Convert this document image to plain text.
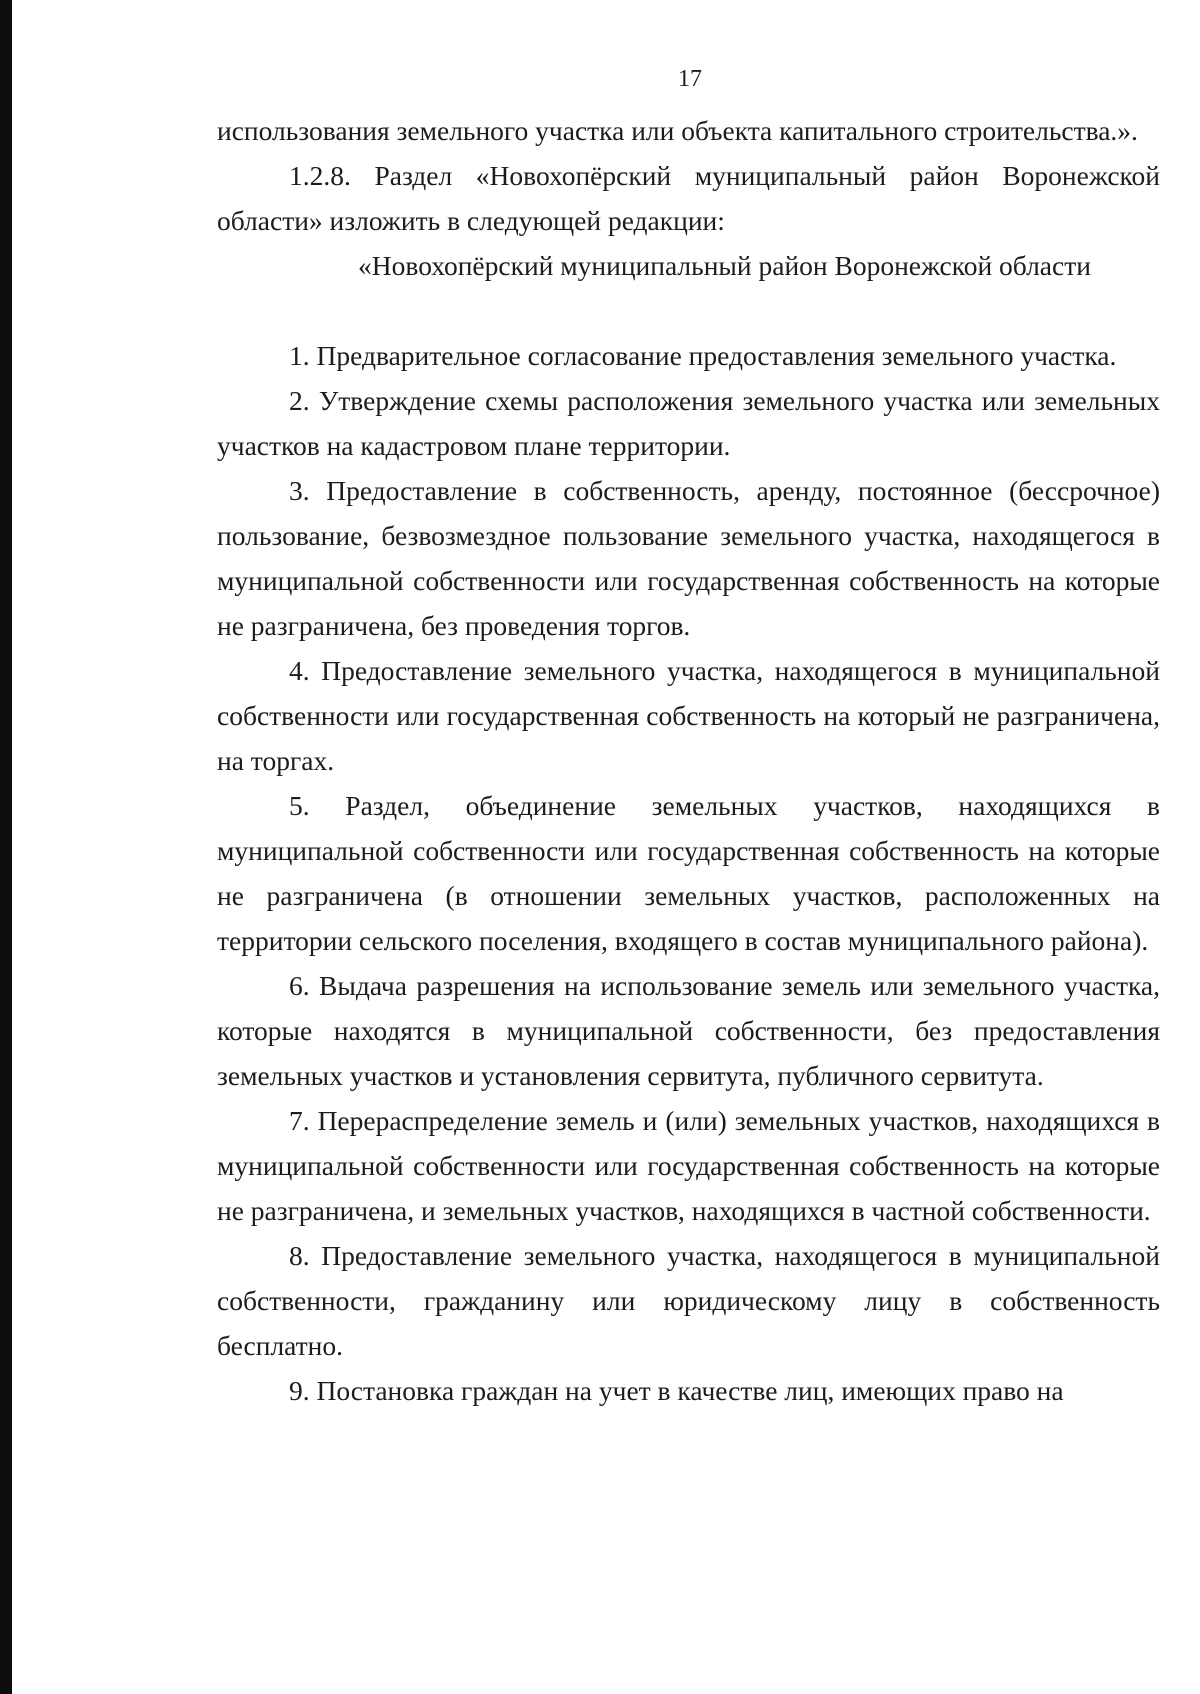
17

использования земельного участка или объекта капитального строительства.».

1.2.8. Раздел «Новохопёрский муниципальный район Воронежской области» изложить в следующей редакции:

«Новохопёрский муниципальный район Воронежской области

1. Предварительное согласование предоставления земельного участка.

2. Утверждение схемы расположения земельного участка или земельных участков на кадастровом плане территории.

3. Предоставление в собственность, аренду, постоянное (бессрочное) пользование, безвозмездное пользование земельного участка, находящегося в муниципальной собственности или государственная собственность на которые не разграничена, без проведения торгов.

4. Предоставление земельного участка, находящегося в муниципальной собственности или государственная собственность на который не разграничена, на торгах.

5. Раздел, объединение земельных участков, находящихся в муниципальной собственности или государственная собственность на которые не разграничена (в отношении земельных участков, расположенных на территории сельского поселения, входящего в состав муниципального района).

6. Выдача разрешения на использование земель или земельного участка, которые находятся в муниципальной собственности, без предоставления земельных участков и установления сервитута, публичного сервитута.

7. Перераспределение земель и (или) земельных участков, находящихся в муниципальной собственности или государственная собственность на которые не разграничена, и земельных участков, находящихся в частной собственности.

8. Предоставление земельного участка, находящегося в муниципальной собственности, гражданину или юридическому лицу в собственность бесплатно.

9. Постановка граждан на учет в качестве лиц, имеющих право на
